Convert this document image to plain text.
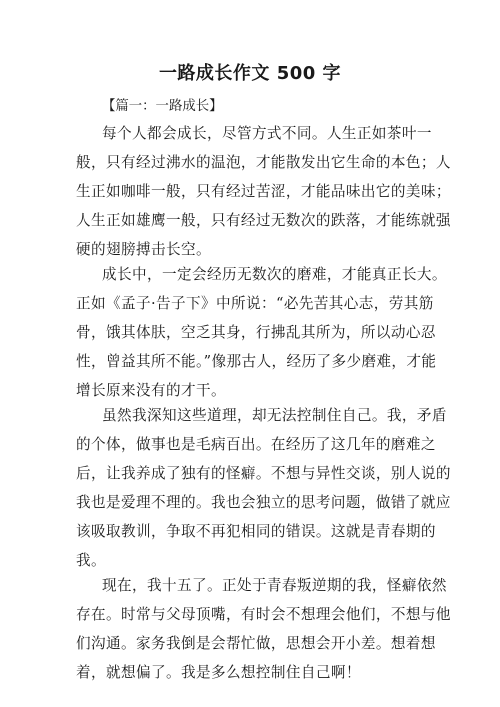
一路成长作文 500 字
【篇一：一路成长】
每个人都会成长，尽管方式不同。人生正如茶叶一
般，只有经过沸水的温泡，才能散发出它生命的本色；人
生正如咖啡一般，只有经过苦涩，才能品味出它的美味；
人生正如雄鹰一般，只有经过无数次的跌落，才能练就强
硬的翅膀搏击长空。
成长中，一定会经历无数次的磨难，才能真正长大。
正如《孟子·告子下》中所说：“必先苦其心志，劳其筋
骨，饿其体肤，空乏其身，行拂乱其所为，所以动心忍
性，曾益其所不能。”像那古人，经历了多少磨难，才能
增长原来没有的才干。
虽然我深知这些道理，却无法控制住自己。我，矛盾
的个体，做事也是毛病百出。在经历了这几年的磨难之
后，让我养成了独有的怪癖。不想与异性交谈，别人说的
我也是爱理不理的。我也会独立的思考问题，做错了就应
该吸取教训，争取不再犯相同的错误。这就是青春期的
我。
现在，我十五了。正处于青春叛逆期的我，怪癖依然
存在。时常与父母顶嘴，有时会不想理会他们，不想与他
们沟通。家务我倒是会帮忙做，思想会开小差。想着想
着，就想偏了。我是多么想控制住自己啊！
